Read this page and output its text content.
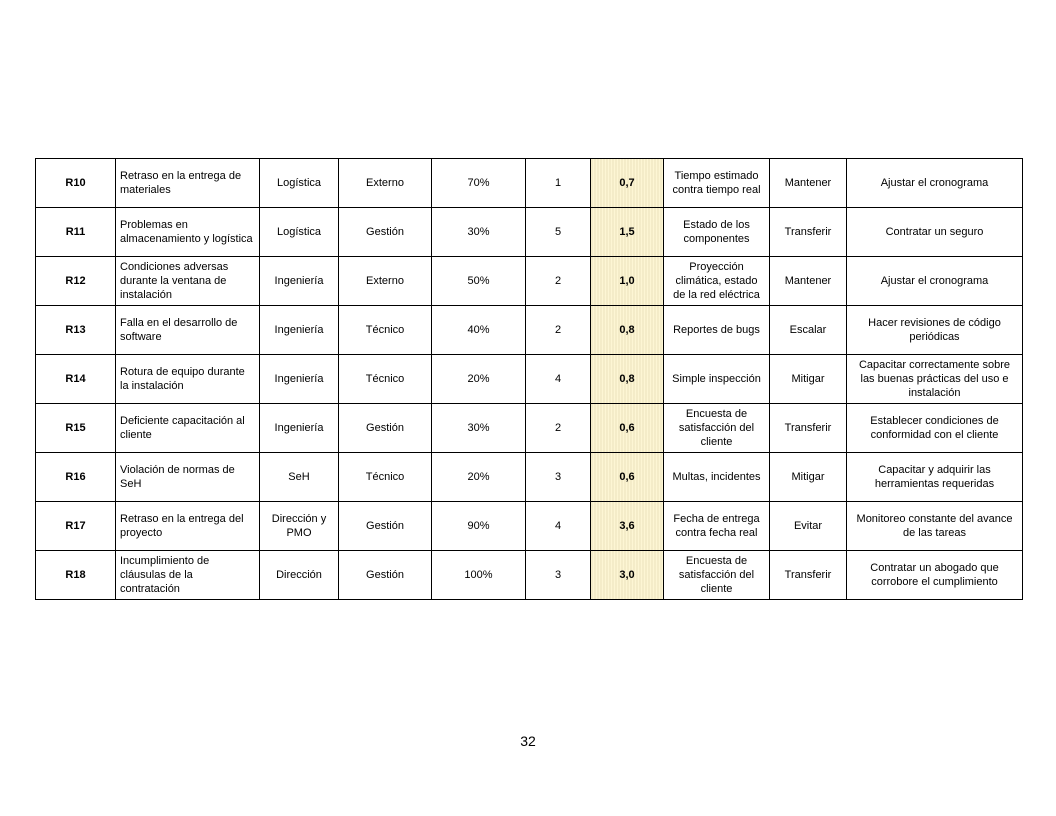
R10	Retraso en la entrega de materiales	Logística	Externo	70%	1	0,7	Tiempo estimado contra tiempo real	Mantener	Ajustar el cronograma
R11	Problemas en almacenamiento y logística	Logística	Gestión	30%	5	1,5	Estado de los componentes	Transferir	Contratar un seguro
R12	Condiciones adversas durante la ventana de instalación	Ingeniería	Externo	50%	2	1,0	Proyección climática, estado de la red eléctrica	Mantener	Ajustar el cronograma
R13	Falla en el desarrollo de software	Ingeniería	Técnico	40%	2	0,8	Reportes de bugs	Escalar	Hacer revisiones de código periódicas
R14	Rotura de equipo durante la instalación	Ingeniería	Técnico	20%	4	0,8	Simple inspección	Mitigar	Capacitar correctamente sobre las buenas prácticas del uso e instalación
R15	Deficiente capacitación al cliente	Ingeniería	Gestión	30%	2	0,6	Encuesta de satisfacción del cliente	Transferir	Establecer condiciones de conformidad con el cliente
R16	Violación de normas de SeH	SeH	Técnico	20%	3	0,6	Multas, incidentes	Mitigar	Capacitar y adquirir las herramientas requeridas
R17	Retraso en la entrega del proyecto	Dirección y PMO	Gestión	90%	4	3,6	Fecha de entrega contra fecha real	Evitar	Monitoreo constante del avance de las tareas
R18	Incumplimiento de cláusulas de la contratación	Dirección	Gestión	100%	3	3,0	Encuesta de satisfacción del cliente	Transferir	Contratar un abogado que corrobore el cumplimiento
32
